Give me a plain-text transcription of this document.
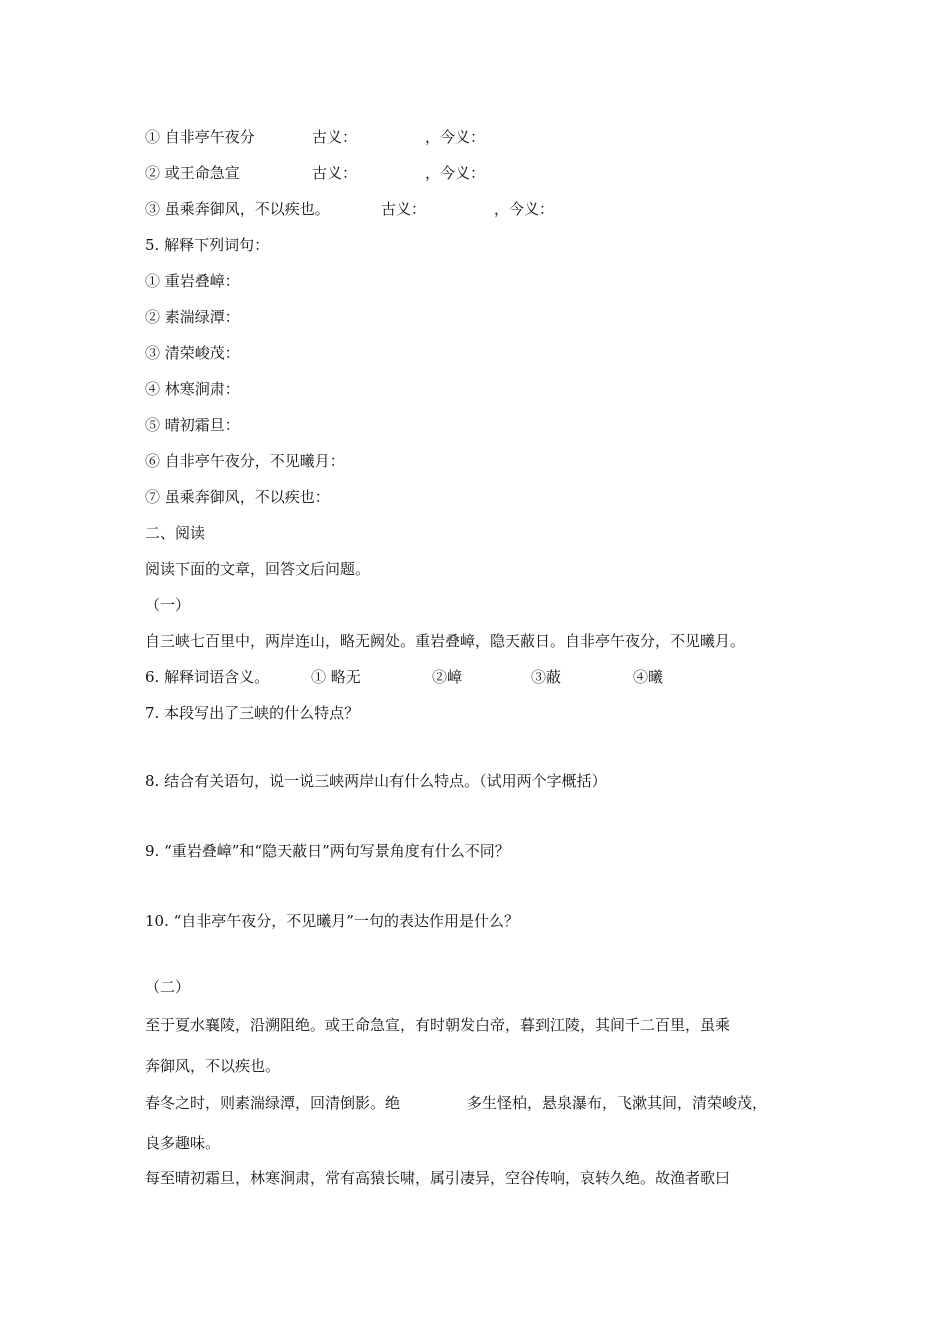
① 自非亭午夜分	古义：	，今义：
② 或王命急宣	古义：	，今义：
③ 虽乘奔御风，不以疾也。	古义：	，今义：
5. 解释下列词句：
① 重岩叠嶂：
② 素湍绿潭：
③ 清荣峻茂：
④ 林寒涧肃：
⑤ 晴初霜旦：
⑥ 自非亭午夜分，不见曦月：
⑦ 虽乘奔御风，不以疾也：
二、阅读
阅读下面的文章，回答文后问题。
（一）
自三峡七百里中，两岸连山，略无阙处。重岩叠嶂，隐天蔽日。自非亭午夜分，不见曦月。
6. 解释词语含义。	① 略无	②嶂	③蔽	④曦
7. 本段写出了三峡的什么特点？
8. 结合有关语句，说一说三峡两岸山有什么特点。（试用两个字概括）
9. “重岩叠嶂”和“隐天蔽日”两句写景角度有什么不同？
10. “自非亭午夜分，不见曦月”一句的表达作用是什么？
（二）
至于夏水襄陵，沿溯阻绝。或王命急宣，有时朝发白帝，暮到江陵，其间千二百里，虽乘
奔御风，不以疾也。
春冬之时，则素湍绿潭，回清倒影。绝	多生怪柏，悬泉瀑布，飞漱其间，清荣峻茂，
良多趣味。
每至晴初霜旦，林寒涧肃，常有高猿长啸，属引凄异，空谷传响，哀转久绝。故渔者歌曰
